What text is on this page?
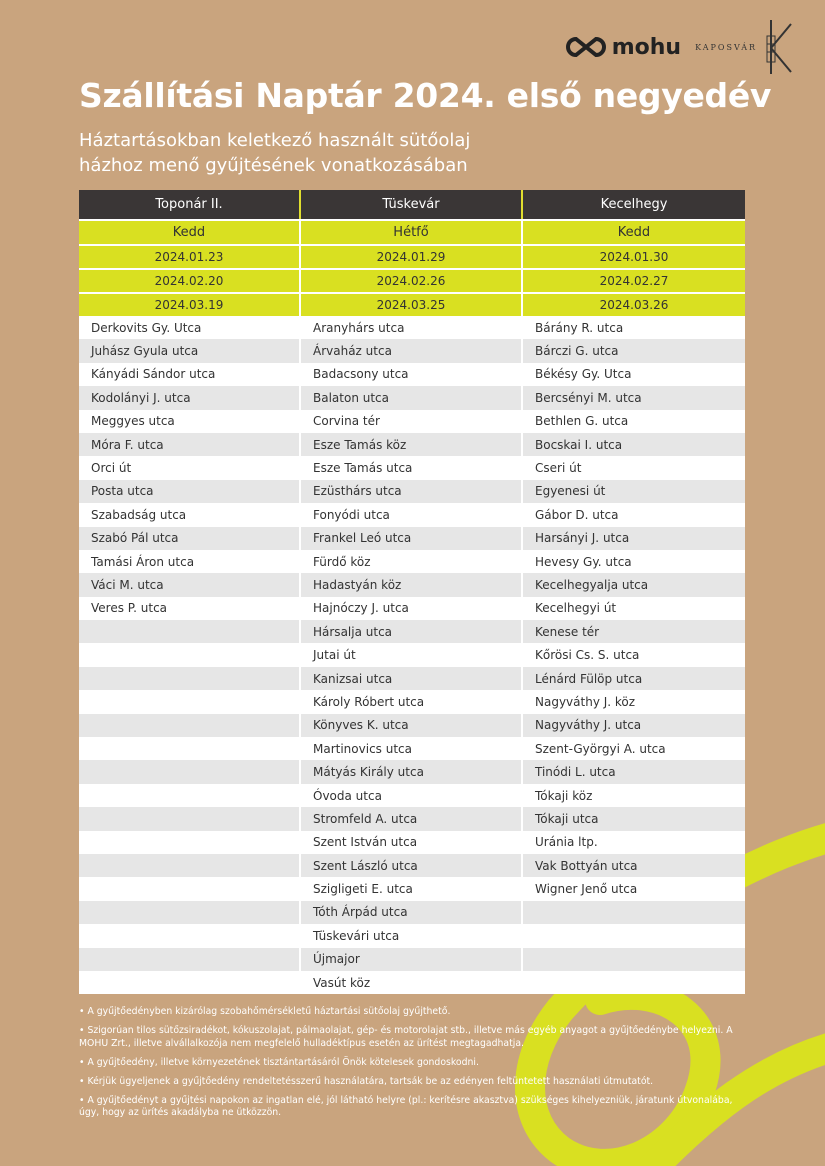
mohu KAPOSVÁR
Szállítási Naptár 2024. első negyedév
Háztartásokban keletkező használt sütőolaj
házhoz menő gyűjtésének vonatkozásában
Toponár II.	Tüskevár	Kecelhegy
Kedd	Hétfő	Kedd
2024.01.23	2024.01.29	2024.01.30
2024.02.20	2024.02.26	2024.02.27
2024.03.19	2024.03.25	2024.03.26
Derkovits Gy. Utca	Aranyhárs utca	Bárány R. utca
Juhász Gyula utca	Árvaház utca	Bárczi G. utca
Kányádi Sándor utca	Badacsony utca	Békésy Gy. Utca
Kodolányi J. utca	Balaton utca	Bercsényi M. utca
Meggyes utca	Corvina tér	Bethlen G. utca
Móra F. utca	Esze Tamás köz	Bocskai I. utca
Orci út	Esze Tamás utca	Cseri út
Posta utca	Ezüsthárs utca	Egyenesi út
Szabadság utca	Fonyódi utca	Gábor D. utca
Szabó Pál utca	Frankel Leó utca	Harsányi J. utca
Tamási Áron utca	Fürdő köz	Hevesy Gy. utca
Váci M. utca	Hadastyán köz	Kecelhegyalja utca
Veres P. utca	Hajnóczy J. utca	Kecelhegyi út
	Hársalja utca	Kenese tér
	Jutai út	Kőrösi Cs. S. utca
	Kanizsai utca	Lénárd Fülöp utca
	Károly Róbert utca	Nagyváthy J. köz
	Könyves K. utca	Nagyváthy J. utca
	Martinovics utca	Szent-Györgyi A. utca
	Mátyás Király utca	Tinódi L. utca
	Óvoda utca	Tókaji köz
	Stromfeld A. utca	Tókaji utca
	Szent István utca	Uránia ltp.
	Szent László utca	Vak Bottyán utca
	Szigligeti E. utca	Wigner Jenő utca
	Tóth Árpád utca	
	Tüskevári utca	
	Újmajor	
	Vasút köz	

• A gyűjtőedényben kizárólag szobahőmérsékletű háztartási sütőolaj gyűjthető.

• Szigorúan tilos sütőzsiradékot, kókuszolajat, pálmaolajat, gép- és motorolajat stb., illetve más egyéb anyagot a gyűjtőedénybe helyezni. A MOHU Zrt., illetve alvállalkozója nem megfelelő hulladéktípus esetén az ürítést megtagadhatja.

• A gyűjtőedény, illetve környezetének tisztántartásáról Önök kötelesek gondoskodni.

• Kérjük ügyeljenek a gyűjtőedény rendeltetésszerű használatára, tartsák be az edényen feltüntetett használati útmutatót.

• A gyűjtőedényt a gyűjtési napokon az ingatlan elé, jól látható helyre (pl.: kerítésre akasztva) szükséges kihelyezniük, járatunk útvonalába, úgy, hogy az ürítés akadályba ne ütközzön.
